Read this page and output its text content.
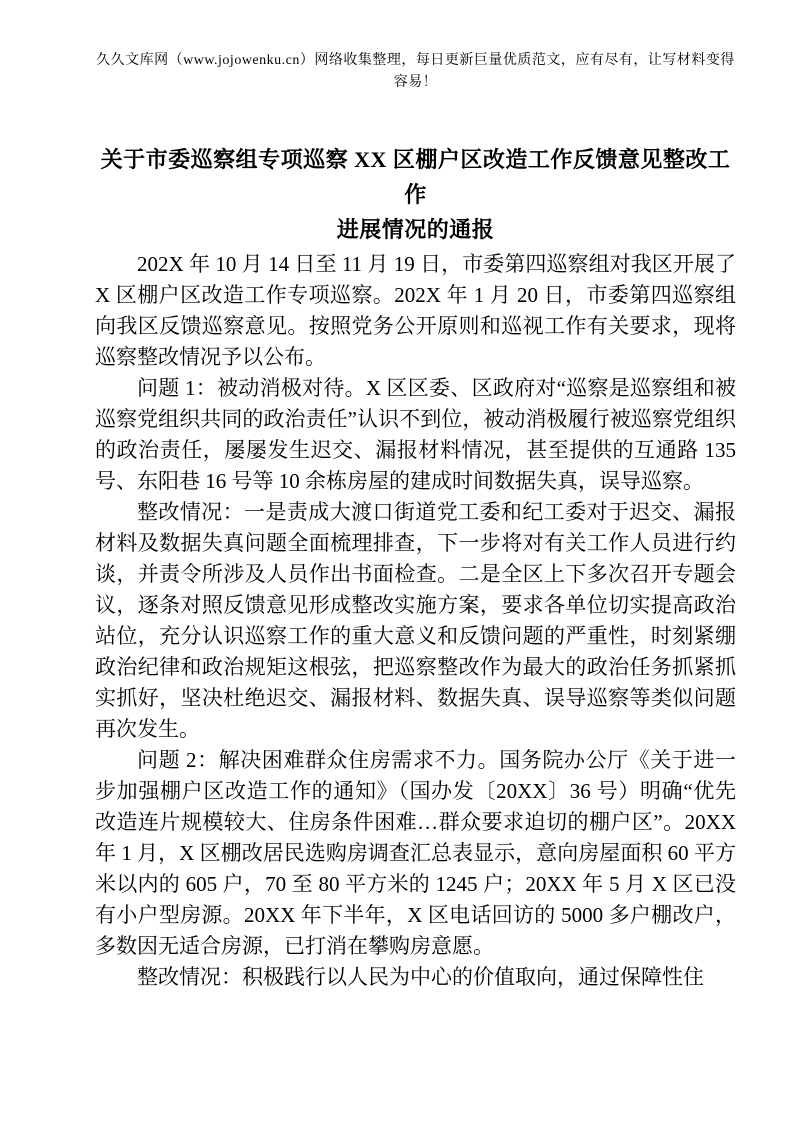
久久文库网（www.jojowenku.cn）网络收集整理，每日更新巨量优质范文，应有尽有，让写材料变得
容易！
关于市委巡察组专项巡察 XX 区棚户区改造工作反馈意见整改工作
进展情况的通报

202X 年 10 月 14 日至 11 月 19 日，市委第四巡察组对我区开展了 X 区棚户区改造工作专项巡察。202X 年 1 月 20 日，市委第四巡察组向我区反馈巡察意见。按照党务公开原则和巡视工作有关要求，现将巡察整改情况予以公布。

问题 1：被动消极对待。X 区区委、区政府对“巡察是巡察组和被巡察党组织共同的政治责任”认识不到位，被动消极履行被巡察党组织的政治责任，屡屡发生迟交、漏报材料情况，甚至提供的互通路 135 号、东阳巷 16 号等 10 余栋房屋的建成时间数据失真，误导巡察。

整改情况：一是责成大渡口街道党工委和纪工委对于迟交、漏报材料及数据失真问题全面梳理排查，下一步将对有关工作人员进行约谈，并责令所涉及人员作出书面检查。二是全区上下多次召开专题会议，逐条对照反馈意见形成整改实施方案，要求各单位切实提高政治站位，充分认识巡察工作的重大意义和反馈问题的严重性，时刻紧绷政治纪律和政治规矩这根弦，把巡察整改作为最大的政治任务抓紧抓实抓好，坚决杜绝迟交、漏报材料、数据失真、误导巡察等类似问题再次发生。

问题 2：解决困难群众住房需求不力。国务院办公厅《关于进一步加强棚户区改造工作的通知》（国办发〔20XX〕36 号）明确“优先改造连片规模较大、住房条件困难…群众要求迫切的棚户区”。20XX 年 1 月，X 区棚改居民选购房调查汇总表显示，意向房屋面积 60 平方米以内的 605 户，70 至 80 平方米的 1245 户；20XX 年 5 月 X 区已没有小户型房源。20XX 年下半年，X 区电话回访的 5000 多户棚改户，多数因无适合房源，已打消在攀购房意愿。

整改情况：积极践行以人民为中心的价值取向，通过保障性住
